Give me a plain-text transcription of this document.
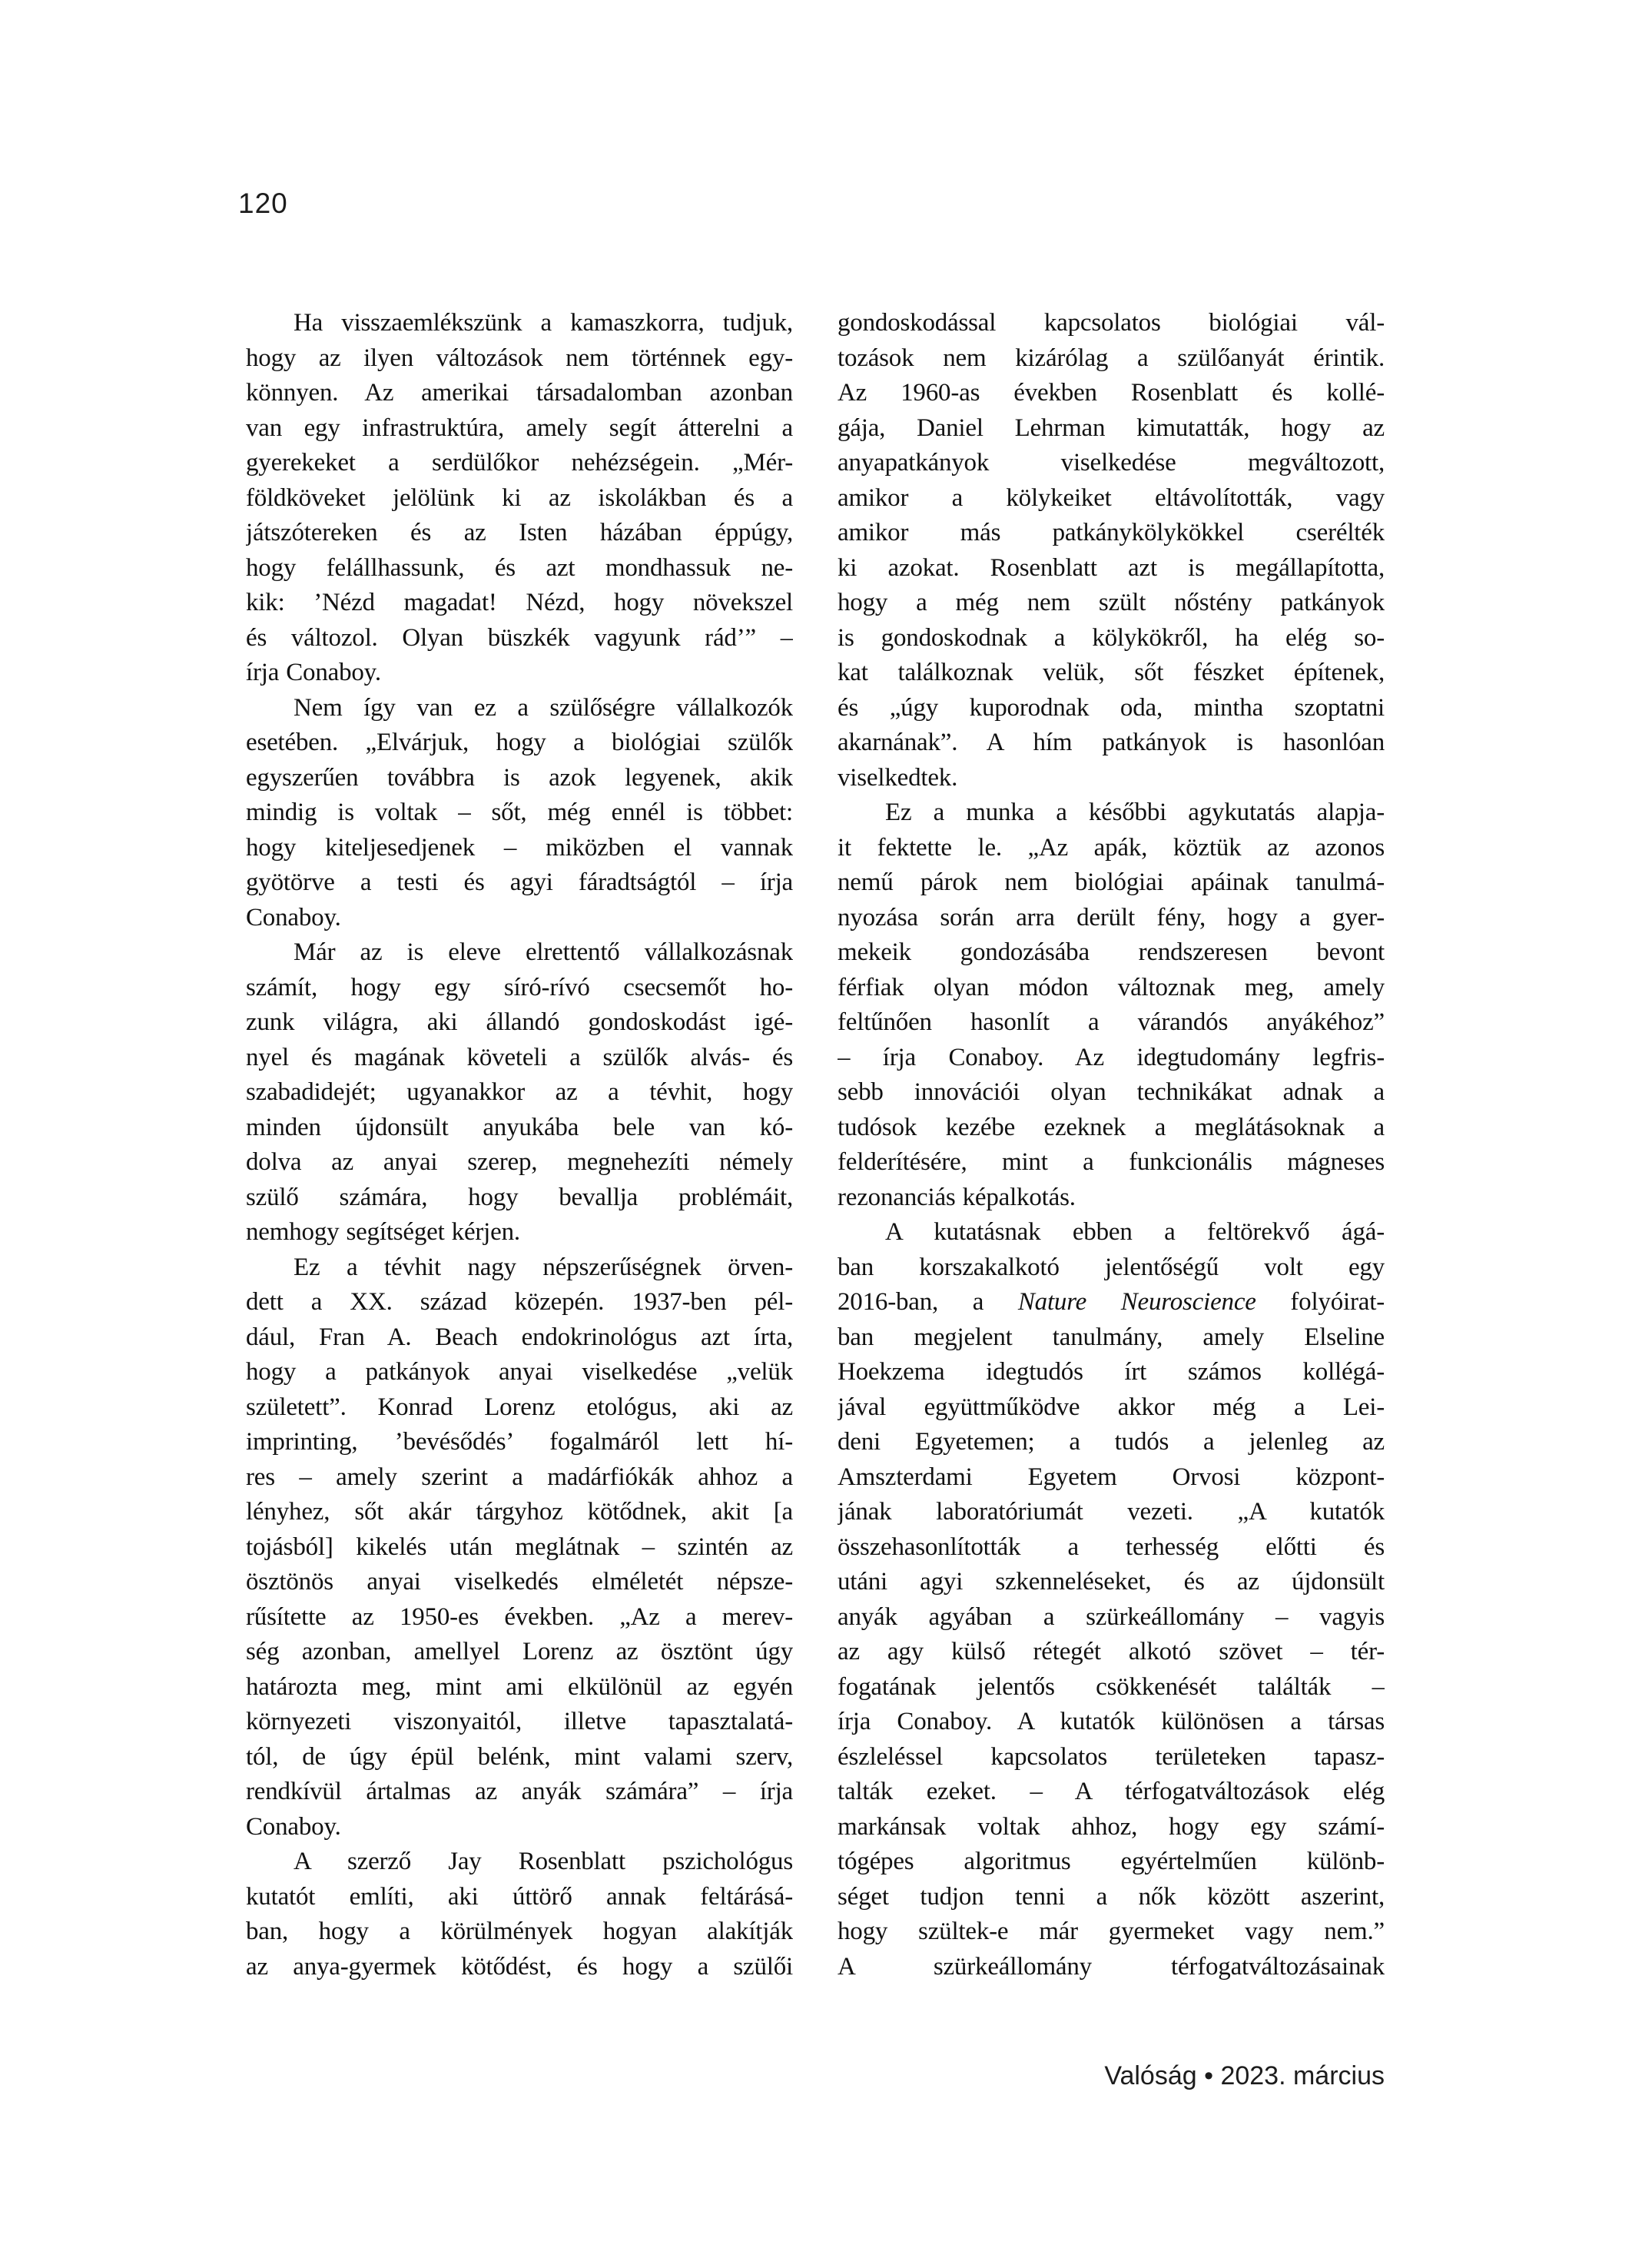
120
Ha visszaemlékszünk a kamaszkorra, tudjuk,
hogy az ilyen változások nem történnek egy-
könnyen. Az amerikai társadalomban azonban
van egy infrastruktúra, amely segít átterelni a
gyerekeket a serdülőkor nehézségein. „Mér-
földköveket jelölünk ki az iskolákban és a
játszótereken és az Isten házában éppúgy,
hogy felállhassunk, és azt mondhassuk ne-
kik: ’Nézd magadat! Nézd, hogy növekszel
és változol. Olyan büszkék vagyunk rád’” –
írja Conaboy.
Nem így van ez a szülőségre vállalkozók
esetében. „Elvárjuk, hogy a biológiai szülők
egyszerűen továbbra is azok legyenek, akik
mindig is voltak – sőt, még ennél is többet:
hogy kiteljesedjenek – miközben el vannak
gyötörve a testi és agyi fáradtságtól – írja
Conaboy.
Már az is eleve elrettentő vállalkozásnak
számít, hogy egy síró-rívó csecsemőt ho-
zunk világra, aki állandó gondoskodást igé-
nyel és magának követeli a szülők alvás- és
szabadidejét; ugyanakkor az a tévhit, hogy
minden újdonsült anyukába bele van kó-
dolva az anyai szerep, megnehezíti némely
szülő számára, hogy bevallja problémáit,
nemhogy segítséget kérjen.
Ez a tévhit nagy népszerűségnek örven-
dett a XX. század közepén. 1937-ben pél-
dául, Fran A. Beach endokrinológus azt írta,
hogy a patkányok anyai viselkedése „velük
született”. Konrad Lorenz etológus, aki az
imprinting, ’bevésődés’ fogalmáról lett hí-
res – amely szerint a madárfiókák ahhoz a
lényhez, sőt akár tárgyhoz kötődnek, akit [a
tojásból] kikelés után meglátnak – szintén az
ösztönös anyai viselkedés elméletét népsze-
rűsítette az 1950-es években. „Az a merev-
ség azonban, amellyel Lorenz az ösztönt úgy
határozta meg, mint ami elkülönül az egyén
környezeti viszonyaitól, illetve tapasztalatá-
tól, de úgy épül belénk, mint valami szerv,
rendkívül ártalmas az anyák számára” – írja
Conaboy.
A szerző Jay Rosenblatt pszichológus
kutatót említi, aki úttörő annak feltárásá-
ban, hogy a körülmények hogyan alakítják
az anya-gyermek kötődést, és hogy a szülői
gondoskodással kapcsolatos biológiai vál-
tozások nem kizárólag a szülőanyát érintik.
Az 1960-as években Rosenblatt és kollé-
gája, Daniel Lehrman kimutatták, hogy az
anyapatkányok viselkedése megváltozott,
amikor a kölykeiket eltávolították, vagy
amikor más patkánykölykökkel cserélték
ki azokat. Rosenblatt azt is megállapította,
hogy a még nem szült nőstény patkányok
is gondoskodnak a kölykökről, ha elég so-
kat találkoznak velük, sőt fészket építenek,
és „úgy kuporodnak oda, mintha szoptatni
akarnának”. A hím patkányok is hasonlóan
viselkedtek.
Ez a munka a későbbi agykutatás alapja-
it fektette le. „Az apák, köztük az azonos
nemű párok nem biológiai apáinak tanulmá-
nyozása során arra derült fény, hogy a gyer-
mekeik gondozásába rendszeresen bevont
férfiak olyan módon változnak meg, amely
feltűnően hasonlít a várandós anyákéhoz”
– írja Conaboy. Az idegtudomány legfris-
sebb innovációi olyan technikákat adnak a
tudósok kezébe ezeknek a meglátásoknak a
felderítésére, mint a funkcionális mágneses
rezonanciás képalkotás.
A kutatásnak ebben a feltörekvő ágá-
ban korszakalkotó jelentőségű volt egy
2016-ban, a Nature Neuroscience folyóirat-
ban megjelent tanulmány, amely Elseline
Hoekzema idegtudós írt számos kollégá-
jával együttműködve akkor még a Lei-
deni Egyetemen; a tudós a jelenleg az
Amszterdami Egyetem Orvosi központ-
jának laboratóriumát vezeti. „A kutatók
összehasonlították a terhesség előtti és
utáni agyi szkenneléseket, és az újdonsült
anyák agyában a szürkeállomány – vagyis
az agy külső rétegét alkotó szövet – tér-
fogatának jelentős csökkenését találták –
írja Conaboy. A kutatók különösen a társas
észleléssel kapcsolatos területeken tapasz-
talták ezeket. – A térfogatváltozások elég
markánsak voltak ahhoz, hogy egy számí-
tógépes algoritmus egyértelműen különb-
séget tudjon tenni a nők között aszerint,
hogy szültek-e már gyermeket vagy nem.”
A szürkeállomány térfogatváltozásainak
Valóság • 2023. március
